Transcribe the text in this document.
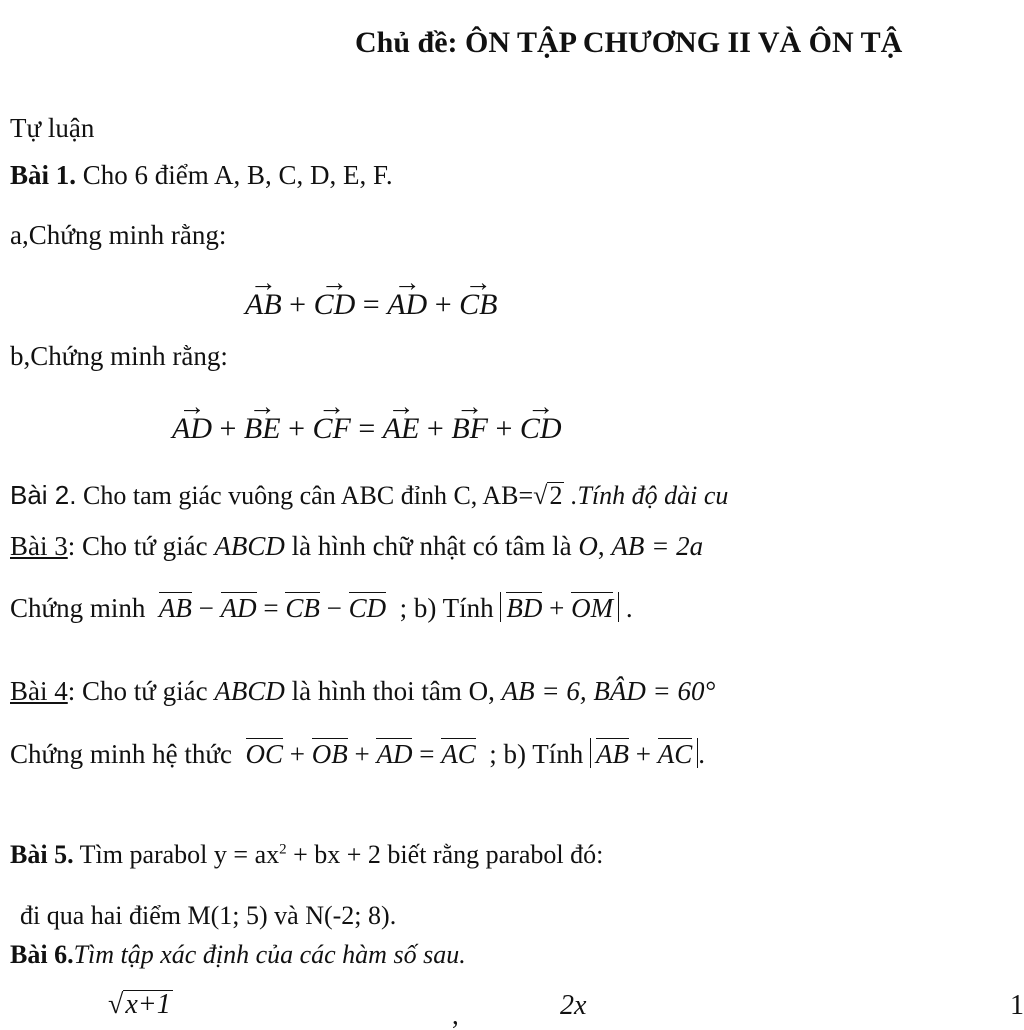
Chủ đề: ÔN TẬP CHƯƠNG II VÀ ÔN TẬ
Tự luận
Bài 1. Cho 6 điểm A, B, C, D, E, F.
a,Chứng minh rằng:
→ AB + → CD = → AD + → CB
b,Chứng minh rằng:
→ AD + → BE + → CF = → AE + → BF + → CD
Bài 2. Cho tam giác vuông cân ABC đỉnh C, AB=√2 .Tính độ dài cu
Bài 3: Cho tứ giác ABCD là hình chữ nhật có tâm là O, AB = 2a
Chứng minh AB − AD = CB − CD ; b) Tính BD + OM .
Bài 4: Cho tứ giác ABCD là hình thoi tâm O, AB = 6, BÂD = 60°
Chứng minh hệ thức OC + OB + AD = AC ; b) Tính AB + AC .
Bài 5. Tìm parabol $y = ax^2$ + bx + 2 biết rằng parabol đó:
đi qua hai điểm M(1; 5) và N(-2; 8).
Bài 6.Tìm tập xác định của các hàm số sau.
√x+1	,	2x	1
